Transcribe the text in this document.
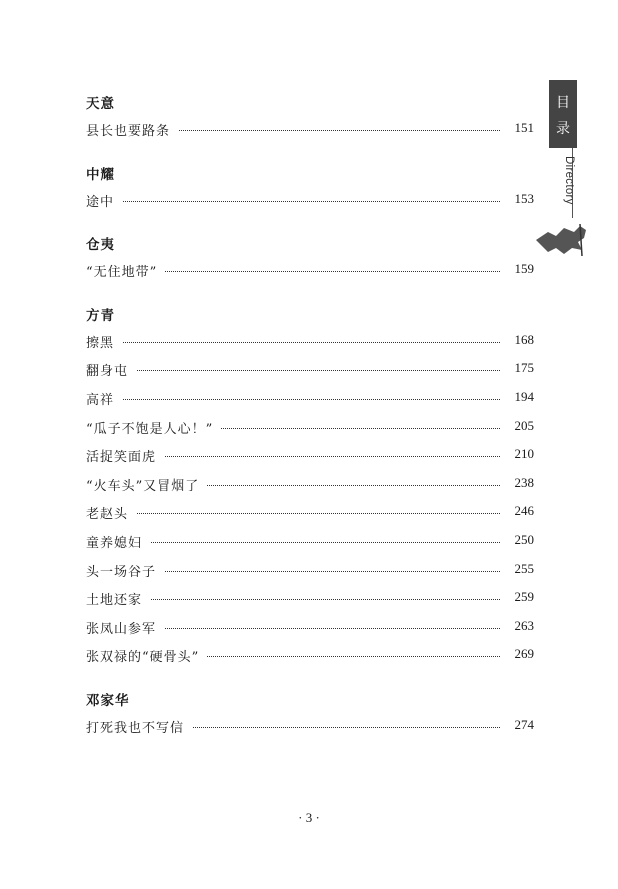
目
录
Directory
天意
县长也要路条	151
中耀
途中	153
仓夷
“无住地带”	159
方青
擦黑	168
翻身屯	175
高祥	194
“瓜子不饱是人心！”	205
活捉笑面虎	210
“火车头”又冒烟了	238
老赵头	246
童养媳妇	250
头一场谷子	255
土地还家	259
张凤山参军	263
张双禄的“硬骨头”	269
邓家华
打死我也不写信	274
· 3 ·
